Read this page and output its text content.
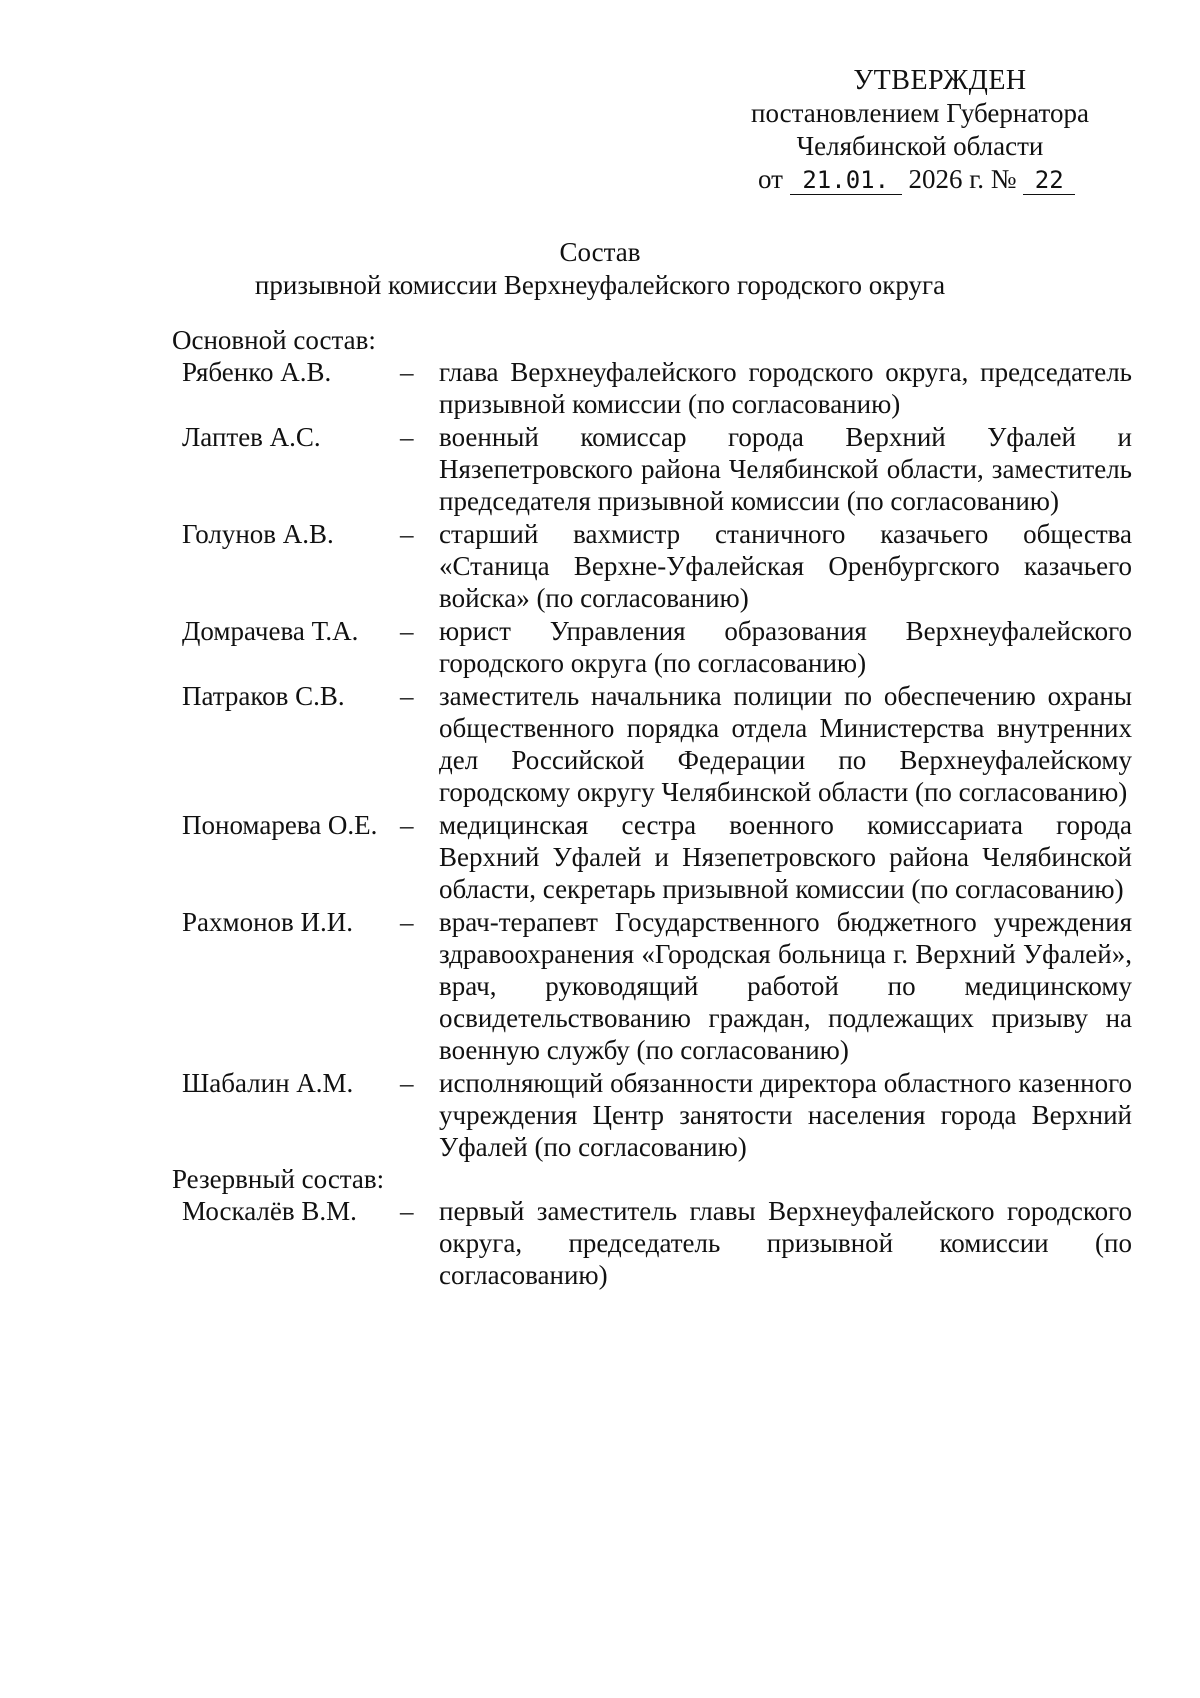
УТВЕРЖДЕН
постановлением Губернатора
Челябинской области
от 21.01. 2026 г. № 22
Состав
призывной комиссии Верхнеуфалейского городского округа
Основной состав:
Рябенко А.В.	– глава Верхнеуфалейского городского округа, председатель призывной комиссии (по согласованию)
Лаптев А.С.	– военный комиссар города Верхний Уфалей и Нязепетровского района Челябинской области, заместитель председателя призывной комиссии (по согласованию)
Голунов А.В. – старший вахмистр станичного казачьего общества «Станица Верхне-Уфалейская Оренбургского казачьего войска» (по согласованию)
Домрачева Т.А. – юрист Управления образования Верхнеуфалейского городского округа (по согласованию)
Патраков С.В. – заместитель начальника полиции по обеспечению охраны общественного порядка отдела Министерства внутренних дел Российской Федерации по Верхнеуфалейскому городскому округу Челябинской области (по согласованию)
Пономарева О.Е. – медицинская сестра военного комиссариата города Верхний Уфалей и Нязепетровского района Челябинской области, секретарь призывной комиссии (по согласованию)
Рахмонов И.И. – врач-терапевт Государственного бюджетного учреждения здравоохранения «Городская больница г. Верхний Уфалей», врач, руководящий работой по медицинскому освидетельствованию граждан, подлежащих призыву на военную службу (по согласованию)
Шабалин А.М. – исполняющий обязанности директора областного казенного учреждения Центр занятости населения города Верхний Уфалей (по согласованию)
Резервный состав:
Москалёв В.М. – первый заместитель главы Верхнеуфалейского городского округа, председатель призывной комиссии (по согласованию)
